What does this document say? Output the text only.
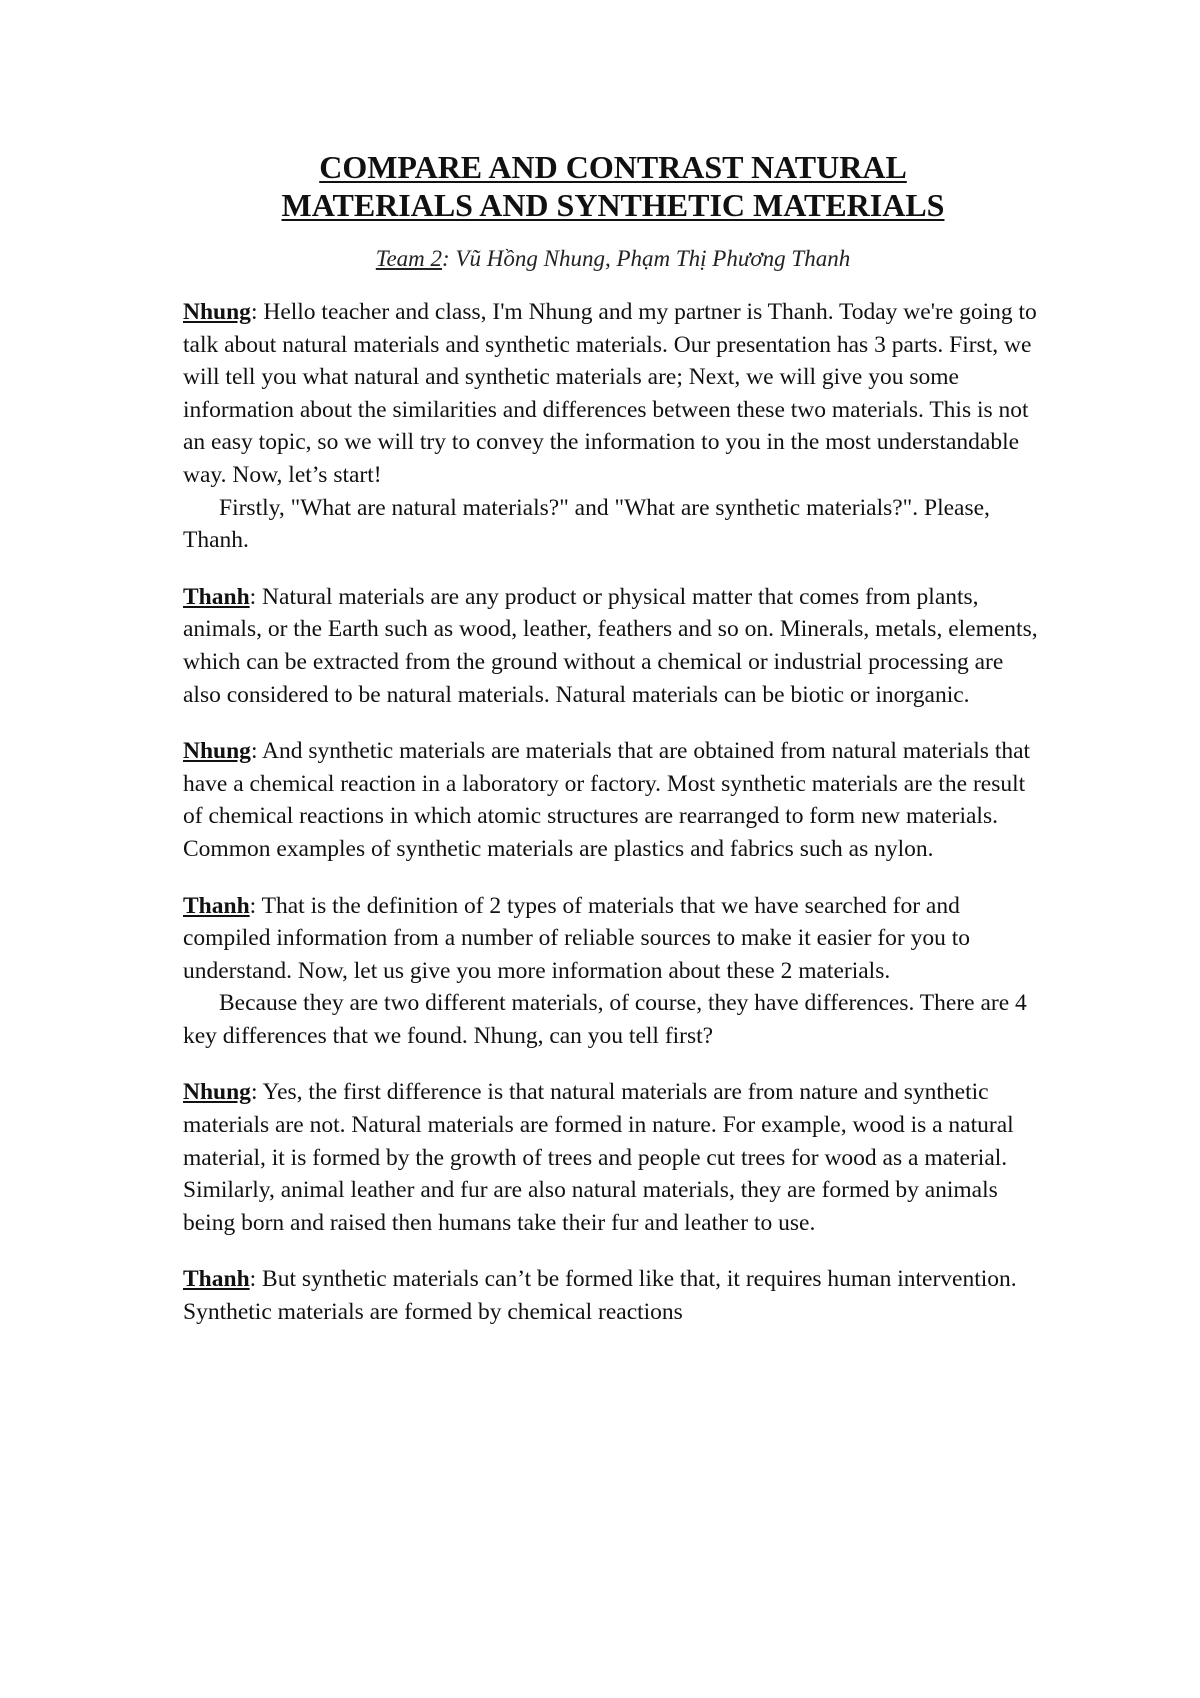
COMPARE AND CONTRAST NATURAL
MATERIALS AND SYNTHETIC MATERIALS
Team 2: Vũ Hồng Nhung, Phạm Thị Phương Thanh

Nhung: Hello teacher and class, I'm Nhung and my partner is Thanh. Today we're going to talk about natural materials and synthetic materials. Our presentation has 3 parts. First, we will tell you what natural and synthetic materials are; Next, we will give you some information about the similarities and differences between these two materials. This is not an easy topic, so we will try to convey the information to you in the most understandable way. Now, let’s start!

Firstly, "What are natural materials?" and "What are synthetic materials?". Please, Thanh.

Thanh: Natural materials are any product or physical matter that comes from plants, animals, or the Earth such as wood, leather, feathers and so on. Minerals, metals, elements, which can be extracted from the ground without a chemical or industrial processing are also considered to be natural materials. Natural materials can be biotic or inorganic.

Nhung: And synthetic materials are materials that are obtained from natural materials that have a chemical reaction in a laboratory or factory. Most synthetic materials are the result of chemical reactions in which atomic structures are rearranged to form new materials. Common examples of synthetic materials are plastics and fabrics such as nylon.

Thanh: That is the definition of 2 types of materials that we have searched for and compiled information from a number of reliable sources to make it easier for you to understand. Now, let us give you more information about these 2 materials.

Because they are two different materials, of course, they have differences. There are 4 key differences that we found. Nhung, can you tell first?

Nhung: Yes, the first difference is that natural materials are from nature and synthetic materials are not. Natural materials are formed in nature. For example, wood is a natural material, it is formed by the growth of trees and people cut trees for wood as a material. Similarly, animal leather and fur are also natural materials, they are formed by animals being born and raised then humans take their fur and leather to use.

Thanh: But synthetic materials can’t be formed like that, it requires human intervention. Synthetic materials are formed by chemical reactions
